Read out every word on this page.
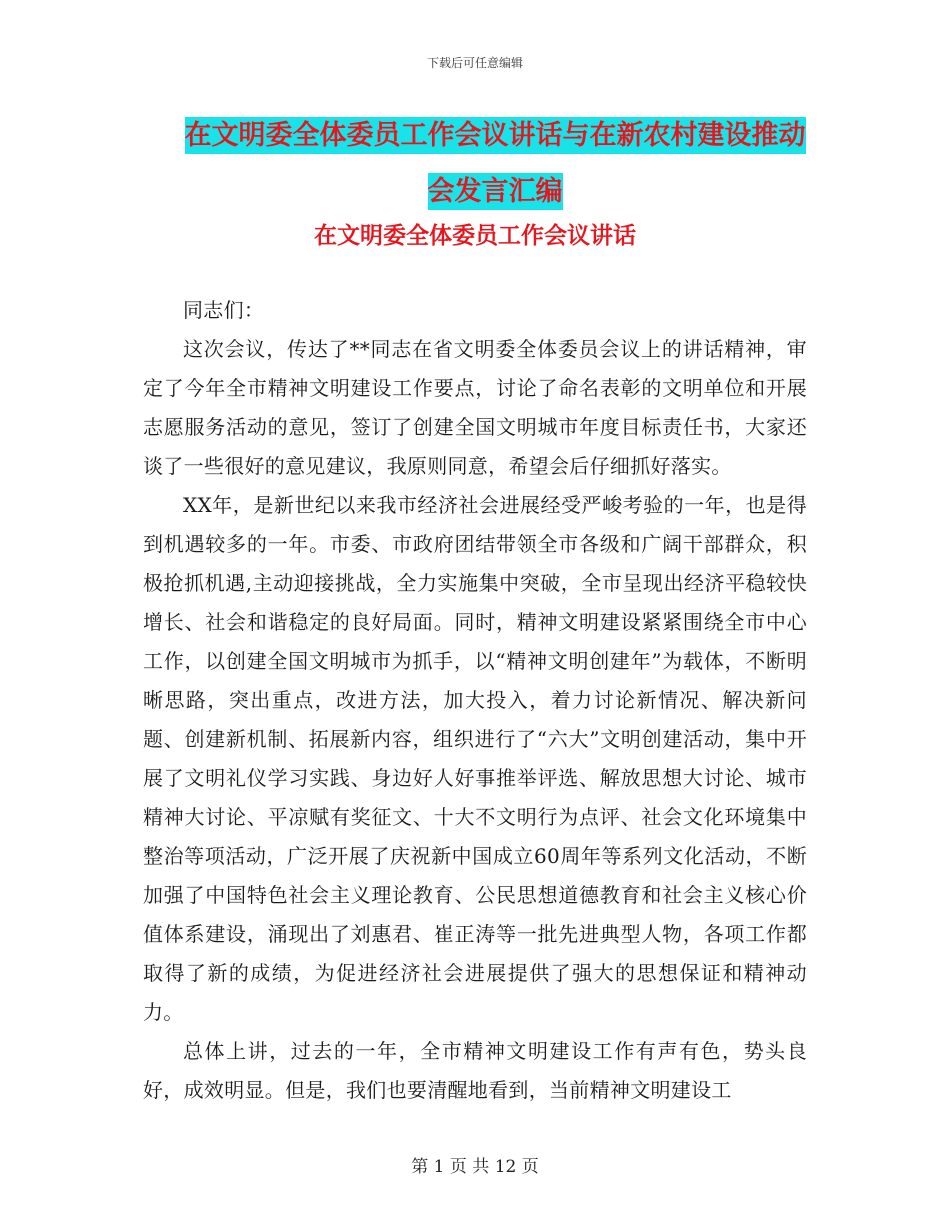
下载后可任意编辑
在文明委全体委员工作会议讲话与在新农村建设推动
会发言汇编
在文明委全体委员工作会议讲话

同志们：

这次会议，传达了**同志在省文明委全体委员会议上的讲话精神，审定了今年全市精神文明建设工作要点，讨论了命名表彰的文明单位和开展志愿服务活动的意见，签订了创建全国文明城市年度目标责任书，大家还谈了一些很好的意见建议，我原则同意，希望会后仔细抓好落实。

XX年，是新世纪以来我市经济社会进展经受严峻考验的一年，也是得到机遇较多的一年。市委、市政府团结带领全市各级和广阔干部群众，积极抢抓机遇,主动迎接挑战，全力实施集中突破，全市呈现出经济平稳较快增长、社会和谐稳定的良好局面。同时，精神文明建设紧紧围绕全市中心工作，以创建全国文明城市为抓手，以“精神文明创建年”为载体，不断明晰思路，突出重点，改进方法，加大投入，着力讨论新情况、解决新问题、创建新机制、拓展新内容，组织进行了“六大”文明创建活动，集中开展了文明礼仪学习实践、身边好人好事推举评选、解放思想大讨论、城市精神大讨论、平凉赋有奖征文、十大不文明行为点评、社会文化环境集中整治等项活动，广泛开展了庆祝新中国成立60周年等系列文化活动，不断加强了中国特色社会主义理论教育、公民思想道德教育和社会主义核心价值体系建设，涌现出了刘惠君、崔正涛等一批先进典型人物，各项工作都取得了新的成绩，为促进经济社会进展提供了强大的思想保证和精神动力。

总体上讲，过去的一年，全市精神文明建设工作有声有色，势头良好，成效明显。但是，我们也要清醒地看到，当前精神文明建设工

第 1 页 共 12 页
